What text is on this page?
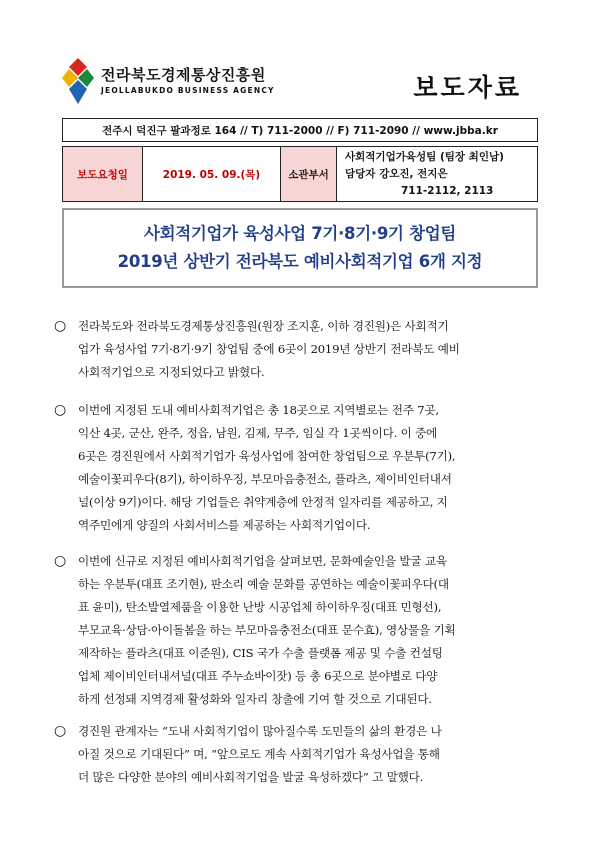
전라북도경제통상진흥원
JEOLLABUKDO BUSINESS AGENCY	보도자료
전주시 덕진구 팔과정로 164 // T) 711-2000 // F) 711-2090 // www.jbba.kr
보도요청일	2019. 05. 09.(목)	소관부서
사회적기업가육성팀 (팀장 최인남)
담당자 강오진, 전지은
711-2112, 2113
사회적기업가 육성사업 7기·8기·9기 창업팀
2019년 상반기 전라북도 예비사회적기업 6개 지정
○	전라북도와 전라북도경제통상진흥원(원장 조지훈, 이하 경진원)은 사회적기
업가 육성사업 7기·8기·9기 창업팀 중에 6곳이 2019년 상반기 전라북도 예비
사회적기업으로 지정되었다고 밝혔다.
○	이번에 지정된 도내 예비사회적기업은 총 18곳으로 지역별로는 전주 7곳,
익산 4곳, 군산, 완주, 정읍, 남원, 김제, 무주, 임실 각 1곳씩이다. 이 중에
6곳은 경진원에서 사회적기업가 육성사업에 참여한 창업팀으로 우분투(7기),
예술이꽃피우다(8기), 하이하우징, 부모마음충전소, 플라츠, 제이비인터내셔
널(이상 9기)이다. 해당 기업들은 취약계층에 안정적 일자리를 제공하고, 지
역주민에게 양질의 사회서비스를 제공하는 사회적기업이다.
○	이번에 신규로 지정된 예비사회적기업을 살펴보면, 문화예술인을 발굴 교육
하는 우분투(대표 조기현), 판소리 예술 문화를 공연하는 예술이꽃피우다(대
표 윤미), 탄소발열제품을 이용한 난방 시공업체 하이하우징(대표 민형선),
부모교육·상담·아이돌봄을 하는 부모마음충전소(대표 문수효), 영상물을 기획
제작하는 플라츠(대표 이준원), CIS 국가 수출 플랫폼 제공 및 수출 컨설팅
업체 제이비인터내셔널(대표 주누쇼바이잣) 등 총 6곳으로 분야별로 다양
하게 선정돼 지역경제 활성화와 일자리 창출에 기여 할 것으로 기대된다.
○	경진원 관계자는 “도내 사회적기업이 많아질수록 도민들의 삶의 환경은 나
아질 것으로 기대된다” 며, “앞으로도 계속 사회적기업가 육성사업을 통해
더 많은 다양한 분야의 예비사회적기업을 발굴 육성하겠다” 고 말했다.
